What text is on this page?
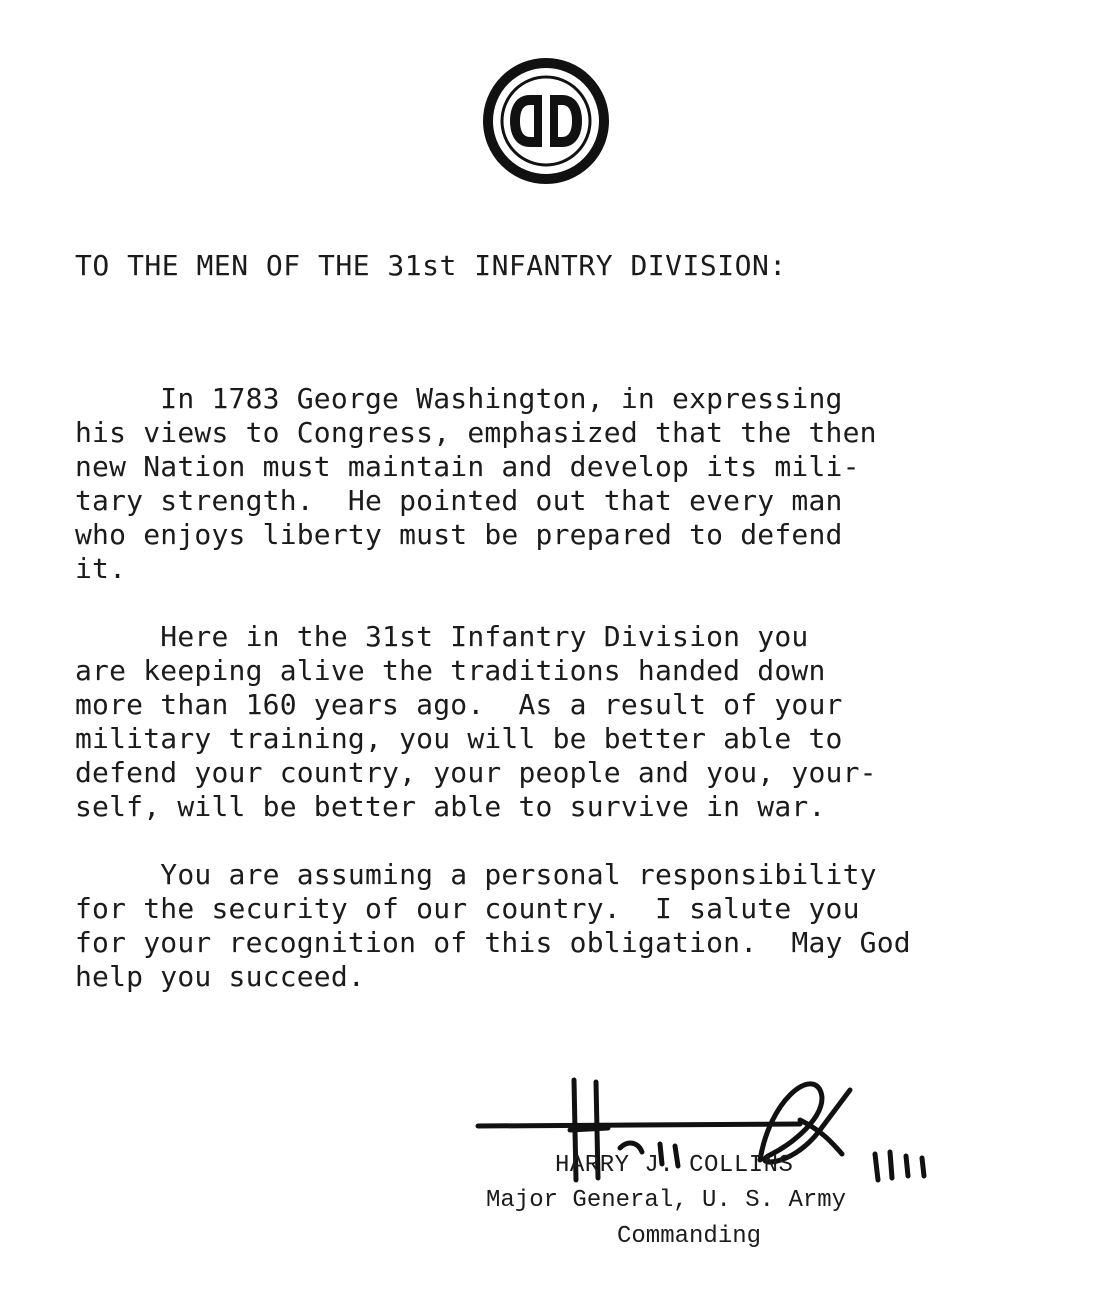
TO THE MEN OF THE 31st INFANTRY DIVISION:
In 1783 George Washington, in expressing
his views to Congress, emphasized that the then
new Nation must maintain and develop its mili-
tary strength.  He pointed out that every man
who enjoys liberty must be prepared to defend
it.
Here in the 31st Infantry Division you
are keeping alive the traditions handed down
more than 160 years ago.  As a result of your
military training, you will be better able to
defend your country, your people and you, your-
self, will be better able to survive in war.
You are assuming a personal responsibility
for the security of our country.  I salute you
for your recognition of this obligation.  May God
help you succeed.
HARRY J. COLLINS
Major General, U. S. Army
Commanding
